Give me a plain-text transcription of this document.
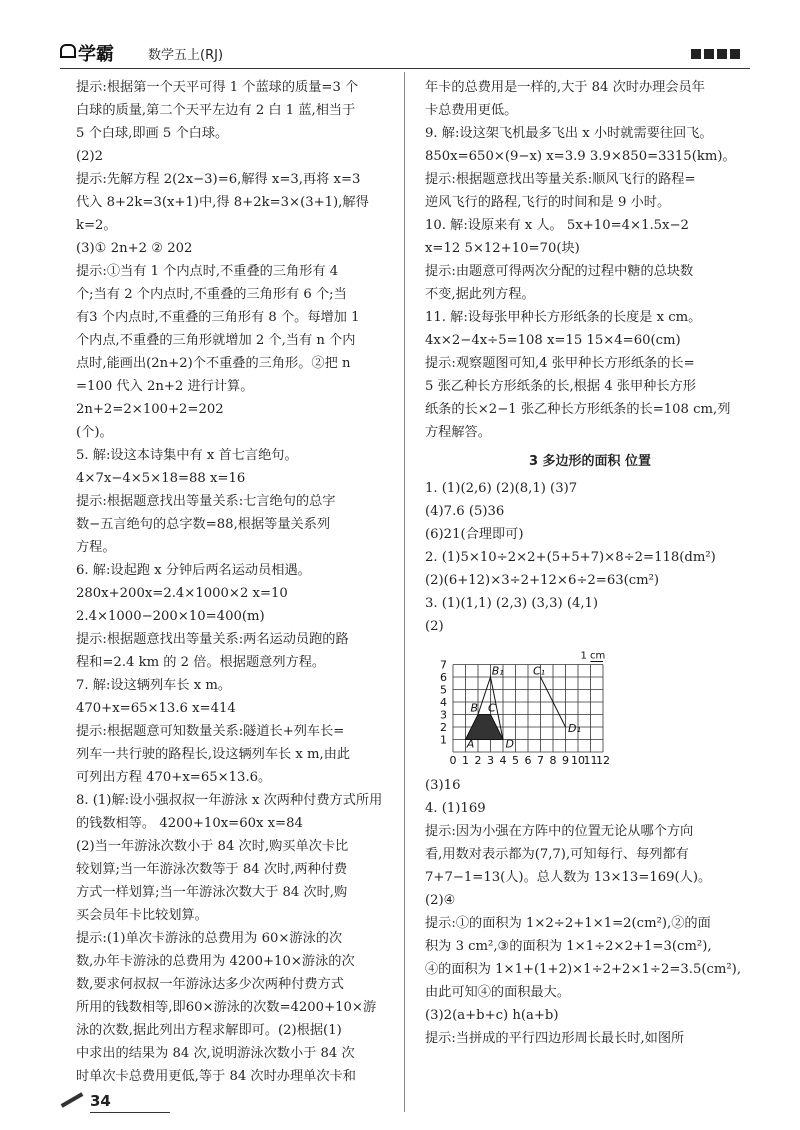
学霸	数学五上(RJ)

提示:根据第一个天平可得 1 个蓝球的质量=3 个

白球的质量,第二个天平左边有 2 白 1 蓝,相当于

5 个白球,即画 5 个白球。

(2)2

提示:先解方程 2(2x−3)=6,解得 x=3,再将 x=3

代入 8+2k=3(x+1)中,得 8+2k=3×(3+1),解得

k=2。

(3)① 2n+2 ② 202

提示:①当有 1 个内点时,不重叠的三角形有 4

个;当有 2 个内点时,不重叠的三角形有 6 个;当

有3 个内点时,不重叠的三角形有 8 个。每增加 1

个内点,不重叠的三角形就增加 2 个,当有 n 个内

点时,能画出(2n+2)个不重叠的三角形。②把 n

=100 代入 2n+2 进行计算。2n+2=2×100+2=202

(个)。

5. 解:设这本诗集中有 x 首七言绝句。

4×7x−4×5×18=88 x=16

提示:根据题意找出等量关系:七言绝句的总字

数−五言绝句的总字数=88,根据等量关系列

方程。

6. 解:设起跑 x 分钟后两名运动员相遇。

280x+200x=2.4×1000×2 x=10

2.4×1000−200×10=400(m)

提示:根据题意找出等量关系:两名运动员跑的路

程和=2.4 km 的 2 倍。根据题意列方程。

7. 解:设这辆列车长 x m。

470+x=65×13.6 x=414

提示:根据题意可知数量关系:隧道长+列车长=

列车一共行驶的路程长,设这辆列车长 x m,由此

可列出方程 470+x=65×13.6。

8. (1)解:设小强叔叔一年游泳 x 次两种付费方式所用

的钱数相等。 4200+10x=60x x=84

(2)当一年游泳次数小于 84 次时,购买单次卡比

较划算;当一年游泳次数等于 84 次时,两种付费

方式一样划算;当一年游泳次数大于 84 次时,购

买会员年卡比较划算。

提示:(1)单次卡游泳的总费用为 60×游泳的次

数,办年卡游泳的总费用为 4200+10×游泳的次

数,要求何叔叔一年游泳达多少次两种付费方式

所用的钱数相等,即60×游泳的次数=4200+10×游

泳的次数,据此列出方程求解即可。(2)根据(1)

中求出的结果为 84 次,说明游泳次数小于 84 次

时单次卡总费用更低,等于 84 次时办理单次卡和

年卡的总费用是一样的,大于 84 次时办理会员年

卡总费用更低。

9. 解:设这架飞机最多飞出 x 小时就需要往回飞。

850x=650×(9−x) x=3.9 3.9×850=3315(km)。

提示:根据题意找出等量关系:顺风飞行的路程=

逆风飞行的路程,飞行的时间和是 9 小时。

10. 解:设原来有 x 人。 5x+10=4×1.5x−2

x=12 5×12+10=70(块)

提示:由题意可得两次分配的过程中糖的总块数

不变,据此列方程。

11. 解:设每张甲种长方形纸条的长度是 x cm。

4x×2−4x÷5=108 x=15 15×4=60(cm)

提示:观察题图可知,4 张甲种长方形纸条的长=

5 张乙种长方形纸条的长,根据 4 张甲种长方形

纸条的长×2−1 张乙种长方形纸条的长=108 cm,列

方程解答。

3 多边形的面积 位置

1. (1)(2,6) (2)(8,1) (3)7

(4)7.6 (5)36

(6)21(合理即可)

2. (1)5×10÷2×2+(5+5+7)×8÷2=118(dm²)

(2)(6+12)×3÷2+12×6÷2=63(cm²)

3. (1)(1,1) (2,3) (3,3) (4,1)

(2)

0 1 2 3 4 5 6 7 8 9 10
11
12
1
2
3
4
5
6
7
A
B C
D
B₁	C₁
D₁
1 cm

(3)16

4. (1)169

提示:因为小强在方阵中的位置无论从哪个方向

看,用数对表示都为(7,7),可知每行、每列都有

7+7−1=13(人)。总人数为 13×13=169(人)。

(2)④

提示:①的面积为 1×2÷2+1×1=2(cm²),②的面

积为 3 cm²,③的面积为 1×1÷2×2+1=3(cm²),

④的面积为 1×1+(1+2)×1÷2+2×1÷2=3.5(cm²),

由此可知④的面积最大。

(3)2(a+b+c) h(a+b)

提示:当拼成的平行四边形周长最长时,如图所

34
